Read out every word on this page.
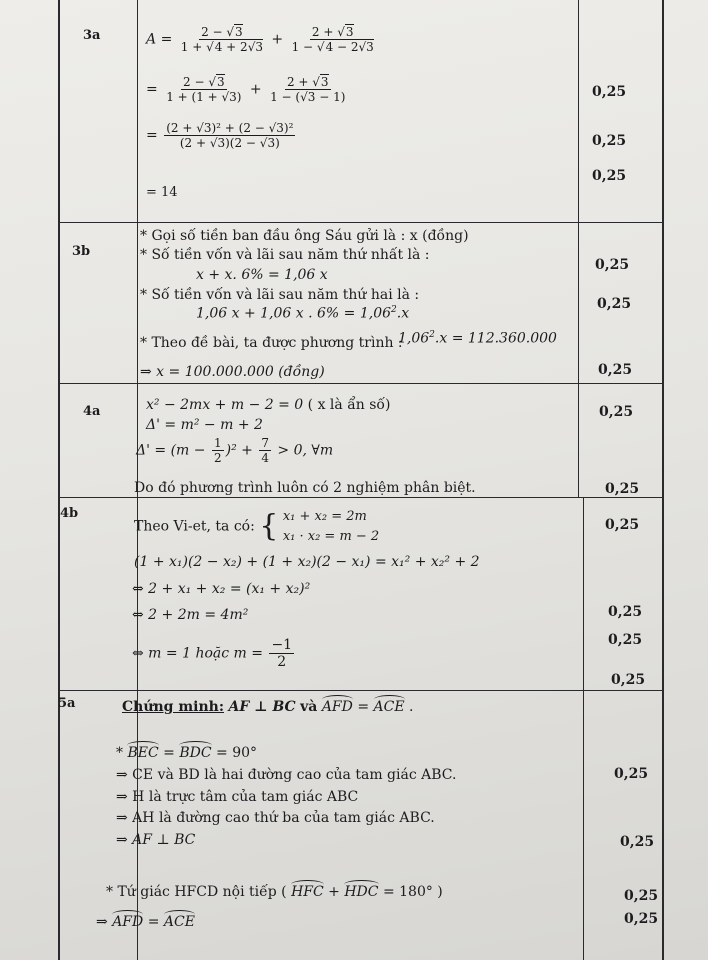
3a
3b
4a
4b
5a
$A = \frac{2 - √3}{1 + √4 + 2√3} + \frac{2 + √3}{1 - √4 - 2√3}$
= $\frac{2 - √3}{1 + (1 + √3)} + \frac{2 + √3}{1 - (√3 - 1)}$
= $\frac{\text{(2 + √3)² + (2 − √3)²}}{(2 + √3)(2 - √3)}$
= 14
* Gọi số tiền ban đầu ông Sáu gửi là : x (đồng)
* Số tiền vốn và lãi sau năm thứ nhất là :
x + x. 6% = 1,06 x
* Số tiền vốn và lãi sau năm thứ hai là :
1,06 x + 1,06 x . $6\% = 1,06^2.x$
* Theo đề bài, ta được phương trình :
$1,06^2.x = 112.360.000$
⇒ x = 100.000.000 (đồng)
x² − 2mx + m − 2 = 0 ( x là ẩn số)
Δ' = m² − m + 2
$\Delta' = (m - \frac{1}{2} )^2 + \frac{7}{4} > 0$, ∀m
Do đó phương trình luôn có 2 nghiệm phân biệt.
Theo Vi-et, ta có: { x₁ + x₂ = 2m
x₁ · x₂ = m − 2
(1 + x₁)(2 − x₂) + (1 + x₂)(2 − x₁) = x₁² + x₂² + 2
⇔ 2 + x₁ + x₂ = (x₁ + x₂)²
⇔ 2 + 2m = 4m²
⇔ m = 1 hoặc $m = \frac{-1}{2}$
Chứng minh: AF ⊥ BC và AFD = ACE .
* BEC = BDC = 90°
⇒ CE và BD là hai đường cao của tam giác ABC.
⇒ H là trực tâm của tam giác ABC
⇒ AH là đường cao thứ ba của tam giác ABC.
⇒ AF ⊥ BC
* Tứ giác HFCD nội tiếp ( HFC + HDC = 180° )
⇒ AFD = ACE
0,25
0,25
0,25
0,25
0,25
0,25
0,25
0,25
0,25
0,25
0,25
0,25
0,25
0,25
0,25
0,25
